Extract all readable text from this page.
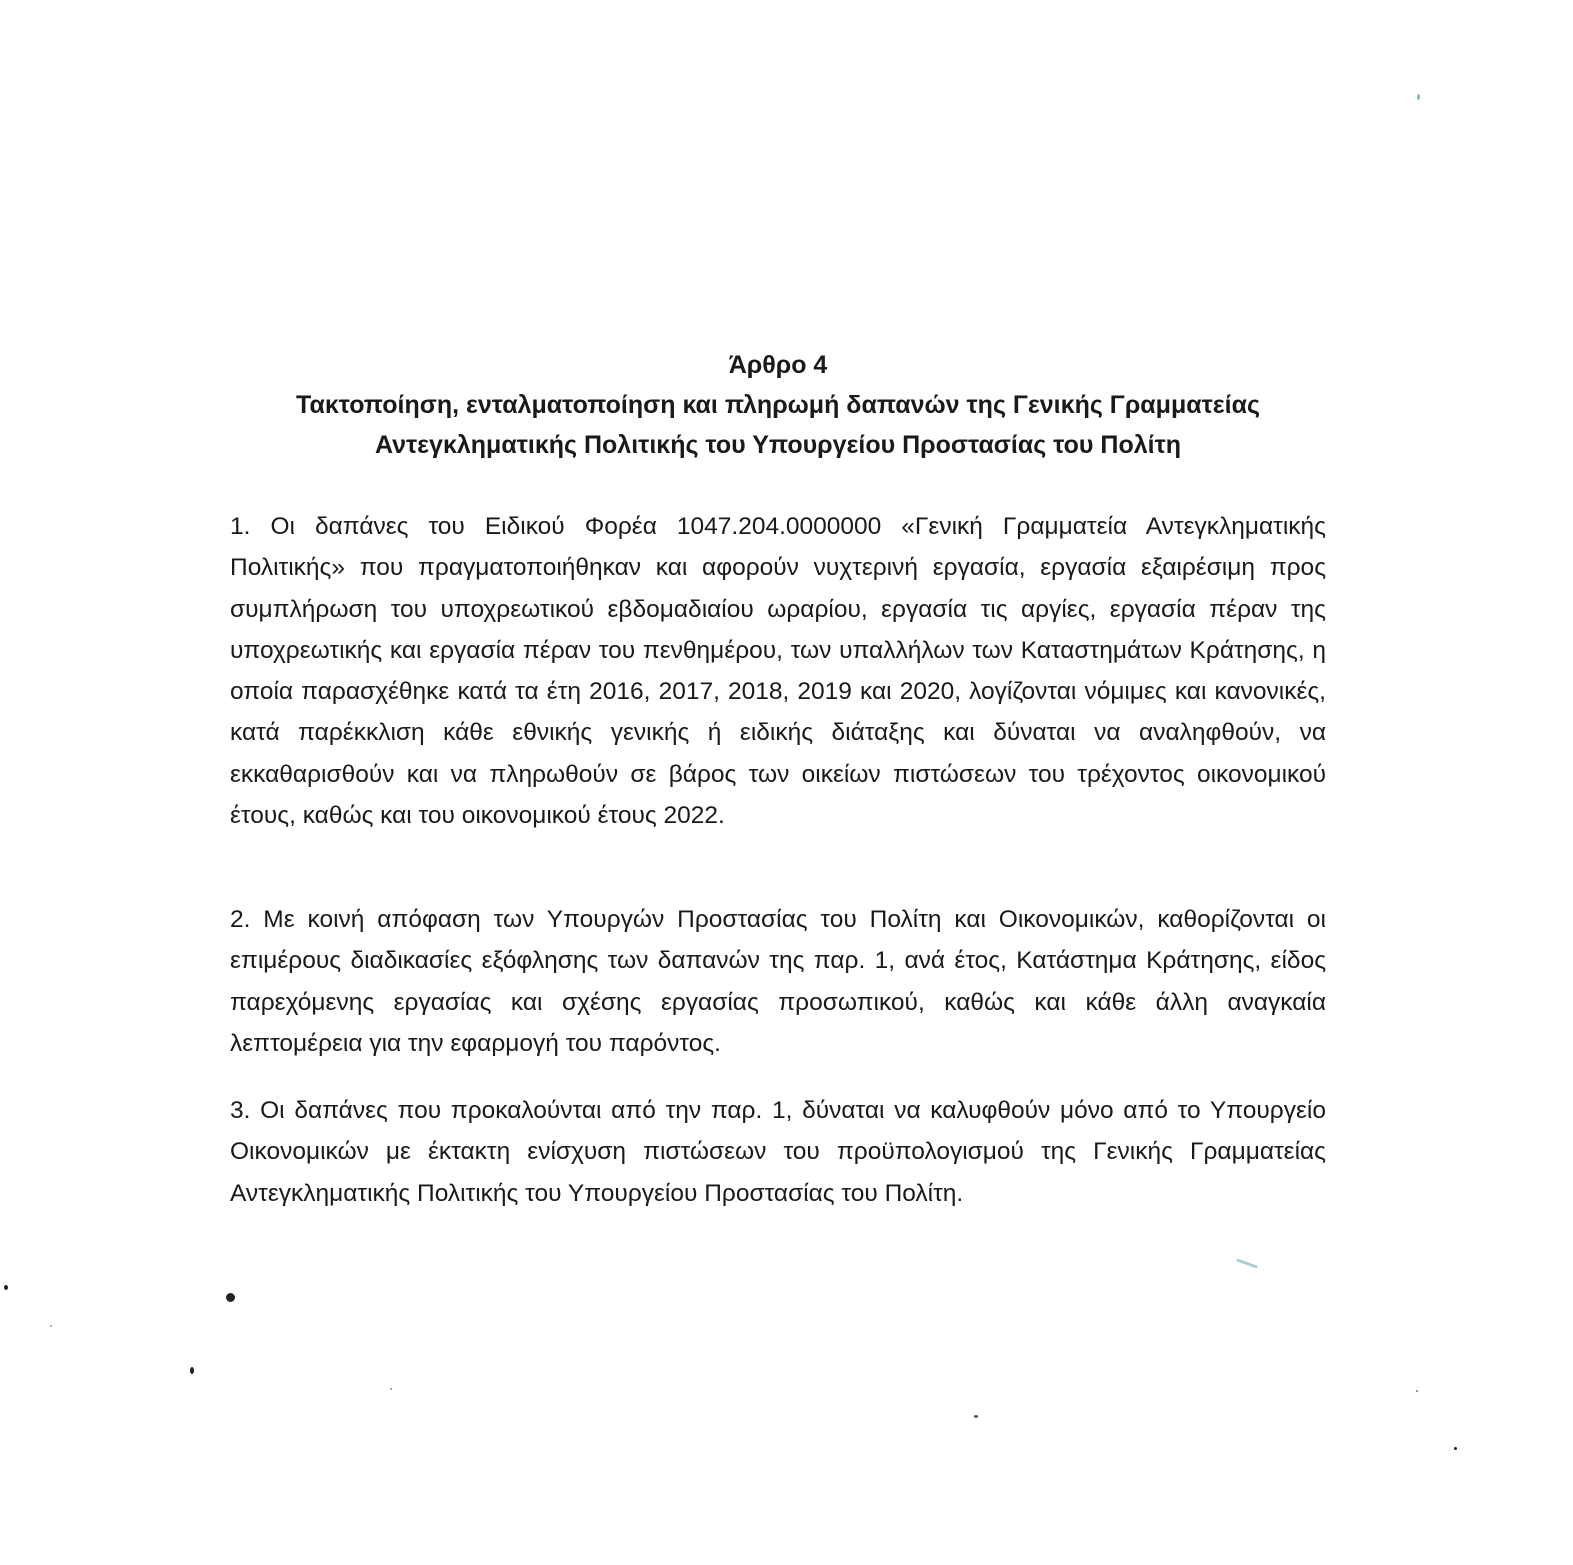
Άρθρο 4
Τακτοποίηση, ενταλματοποίηση και πληρωμή δαπανών της Γενικής Γραμματείας
Αντεγκληματικής Πολιτικής του Υπουργείου Προστασίας του Πολίτη
1. Οι δαπάνες του Ειδικού Φορέα 1047.204.0000000 «Γενική Γραμματεία Αντεγκληματικής Πολιτικής» που πραγματοποιήθηκαν και αφορούν νυχτερινή εργασία, εργασία εξαιρέσιμη προς συμπλήρωση του υποχρεωτικού εβδομαδιαίου ωραρίου, εργασία τις αργίες, εργασία πέραν της υποχρεωτικής και εργασία πέραν του πενθημέρου, των υπαλλήλων των Καταστημάτων Κράτησης, η οποία παρασχέθηκε κατά τα έτη 2016, 2017, 2018, 2019 και 2020, λογίζονται νόμιμες και κανονικές, κατά παρέκκλιση κάθε εθνικής γενικής ή ειδικής διάταξης και δύναται να αναληφθούν, να εκκαθαρισθούν και να πληρωθούν σε βάρος των οικείων πιστώσεων του τρέχοντος οικονομικού έτους, καθώς και του οικονομικού έτους 2022.
2. Με κοινή απόφαση των Υπουργών Προστασίας του Πολίτη και Οικονομικών, καθορίζονται οι επιμέρους διαδικασίες εξόφλησης των δαπανών της παρ. 1, ανά έτος, Κατάστημα Κράτησης, είδος παρεχόμενης εργασίας και σχέσης εργασίας προσωπικού, καθώς και κάθε άλλη αναγκαία λεπτομέρεια για την εφαρμογή του παρόντος.
3. Οι δαπάνες που προκαλούνται από την παρ. 1, δύναται να καλυφθούν μόνο από το Υπουργείο Οικονομικών με έκτακτη ενίσχυση πιστώσεων του προϋπολογισμού της Γενικής Γραμματείας Αντεγκληματικής Πολιτικής του Υπουργείου Προστασίας του Πολίτη.
